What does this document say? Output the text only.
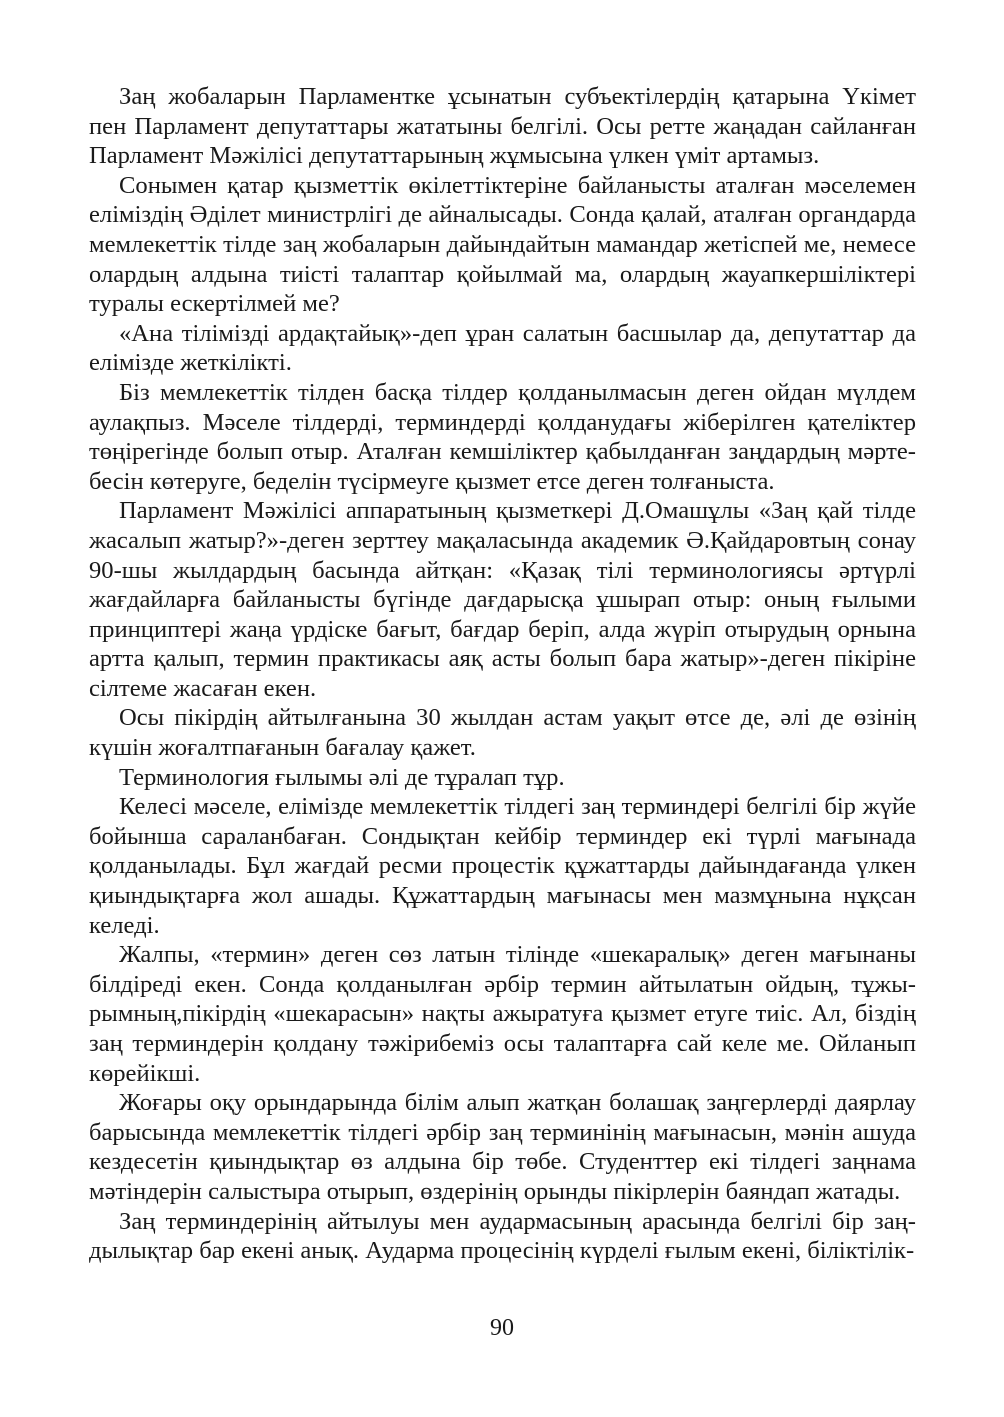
Заң жобаларын Парламентке ұсынатын субъектілердің қатарына Үкімет пен Парламент депутаттары жататыны белгілі. Осы ретте жаңадан сайланған Парламент Мәжілісі депутаттарының жұмысына үлкен үміт артамыз.

Сонымен қатар қызметтік өкілеттіктеріне байланысты аталған мәселемен еліміздің Әділет министрлігі де айналысады. Сонда қалай, аталған органдарда мемлекеттік тілде заң жобаларын дайындайтын мамандар жетіспей ме, немесе олардың алдына тиісті талаптар қойылмай ма, олардың жауапкершіліктері туралы ескертілмей ме?

«Ана тілімізді ардақтайық»-деп ұран салатын басшылар да, депутаттар да елімізде жеткілікті.

Біз мемлекеттік тілден басқа тілдер қолданылмасын деген ойдан мүлдем аулақпыз. Мәселе тілдерді, терминдерді қолданудағы жіберілген қателіктер төңірегінде болып отыр. Аталған кемшіліктер қабылданған заңдардың мәртебесін көтеруге, беделін түсірмеуге қызмет етсе деген толғаныста.

Парламент Мәжілісі аппаратының қызметкері Д.Омашұлы «Заң қай тілде жасалып жатыр?»-деген зерттеу мақаласында академик Ә.Қайдаровтың сонау 90-шы жылдардың басында айтқан: «Қазақ тілі терминологиясы әртүрлі жағдайларға байланысты бүгінде дағдарысқа ұшырап отыр: оның ғылыми принциптері жаңа үрдіске бағыт, бағдар беріп, алда жүріп отырудың орнына артта қалып, термин практикасы аяқ асты болып бара жатыр»-деген пікіріне сілтеме жасаған екен.

Осы пікірдің айтылғанына 30 жылдан астам уақыт өтсе де, әлі де өзінің күшін жоғалтпағанын бағалау қажет.

Терминология ғылымы әлі де тұралап тұр.

Келесі мәселе, елімізде мемлекеттік тілдегі заң терминдері белгілі бір жүйе бойынша сараланбаған. Сондықтан кейбір терминдер екі түрлі мағынада қолданылады. Бұл жағдай ресми процестік құжаттарды дайындағанда үлкен қиындықтарға жол ашады. Құжаттардың мағынасы мен мазмұнына нұқсан келеді.

Жалпы, «термин» деген сөз латын тілінде «шекаралық» деген мағынаны білдіреді екен. Сонда қолданылған әрбір термин айтылатын ойдың, тұжырымның,пікірдің «шекарасын» нақты ажыратуға қызмет етуге тиіс. Ал, біздің заң терминдерін қолдану тәжірибеміз осы талаптарға сай келе ме. Ойланып көрейікші.

Жоғары оқу орындарында білім алып жатқан болашақ заңгерлерді даярлау барысында мемлекеттік тілдегі әрбір заң терминінің мағынасын, мәнін ашуда кездесетін қиындықтар өз алдына бір төбе. Студенттер екі тілдегі заңнама мәтіндерін салыстыра отырып, өздерінің орынды пікірлерін баяндап жатады.

Заң терминдерінің айтылуы мен аудармасының арасында белгілі бір заңдылықтар бар екені анық. Аударма процесінің күрделі ғылым екені, біліктілік-

90
